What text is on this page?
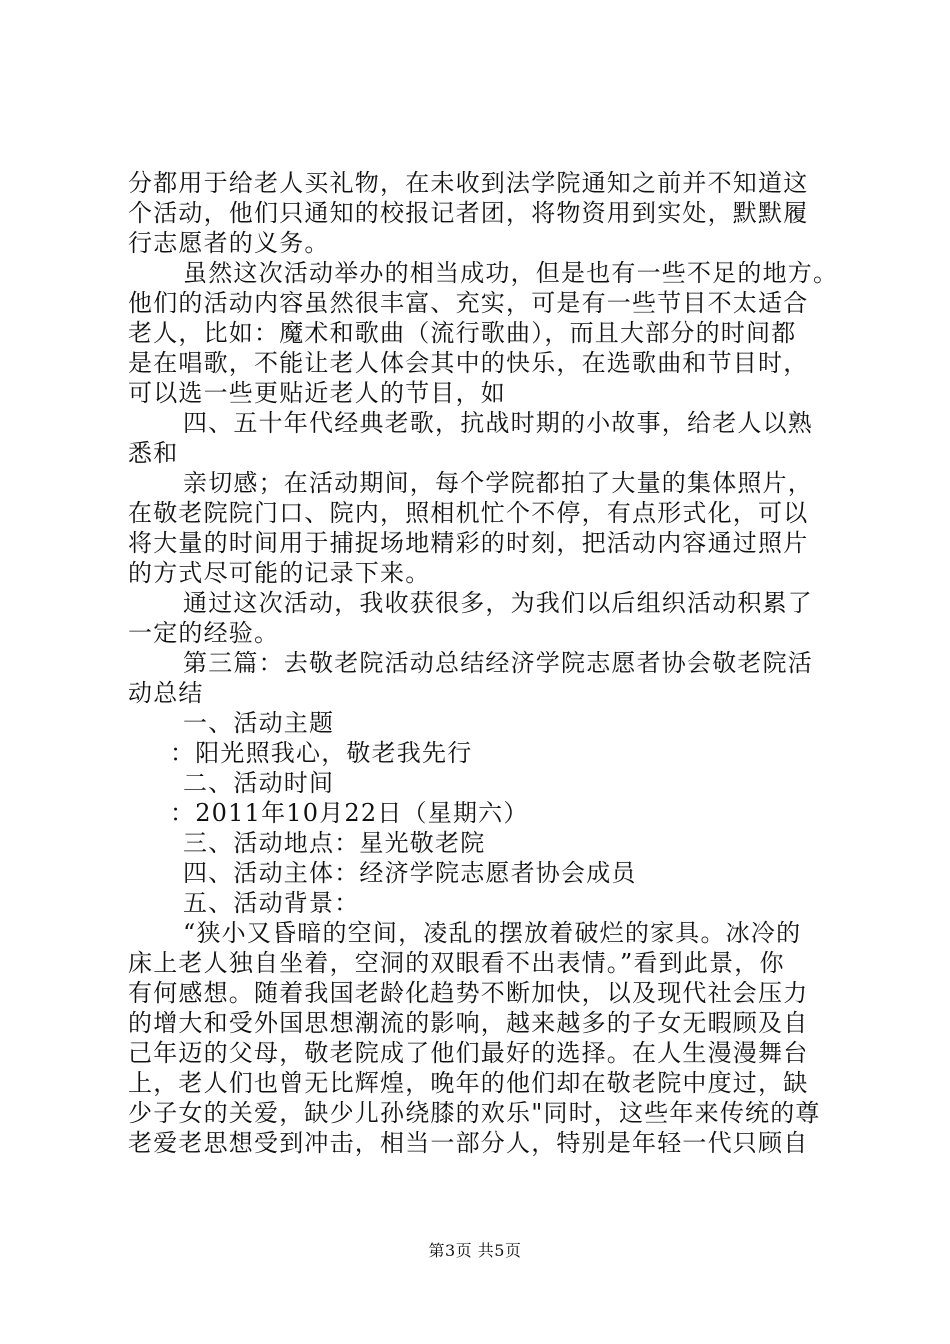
分都用于给老人买礼物，在未收到法学院通知之前并不知道这
个活动，他们只通知的校报记者团，将物资用到实处，默默履
行志愿者的义务。
虽然这次活动举办的相当成功，但是也有一些不足的地方。
他们的活动内容虽然很丰富、充实，可是有一些节目不太适合
老人，比如：魔术和歌曲（流行歌曲），而且大部分的时间都
是在唱歌，不能让老人体会其中的快乐，在选歌曲和节目时，
可以选一些更贴近老人的节目，如
四、五十年代经典老歌，抗战时期的小故事，给老人以熟
悉和
亲切感；在活动期间，每个学院都拍了大量的集体照片，
在敬老院院门口、院内，照相机忙个不停，有点形式化，可以
将大量的时间用于捕捉场地精彩的时刻，把活动内容通过照片
的方式尽可能的记录下来。
通过这次活动，我收获很多，为我们以后组织活动积累了
一定的经验。
第三篇：去敬老院活动总结经济学院志愿者协会敬老院活
动总结
一、活动主题
：阳光照我心，敬老我先行
二、活动时间
：2011年10月22日（星期六）
三、活动地点：星光敬老院
四、活动主体：经济学院志愿者协会成员
五、活动背景：
“狭小又昏暗的空间，凌乱的摆放着破烂的家具。冰冷的
床上老人独自坐着，空洞的双眼看不出表情。”看到此景，你
有何感想。随着我国老龄化趋势不断加快，以及现代社会压力
的增大和受外国思想潮流的影响，越来越多的子女无暇顾及自
己年迈的父母，敬老院成了他们最好的选择。在人生漫漫舞台
上，老人们也曾无比辉煌，晚年的他们却在敬老院中度过，缺
少子女的关爱，缺少儿孙绕膝的欢乐"同时，这些年来传统的尊
老爱老思想受到冲击，相当一部分人，特别是年轻一代只顾自
第3页 共5页
